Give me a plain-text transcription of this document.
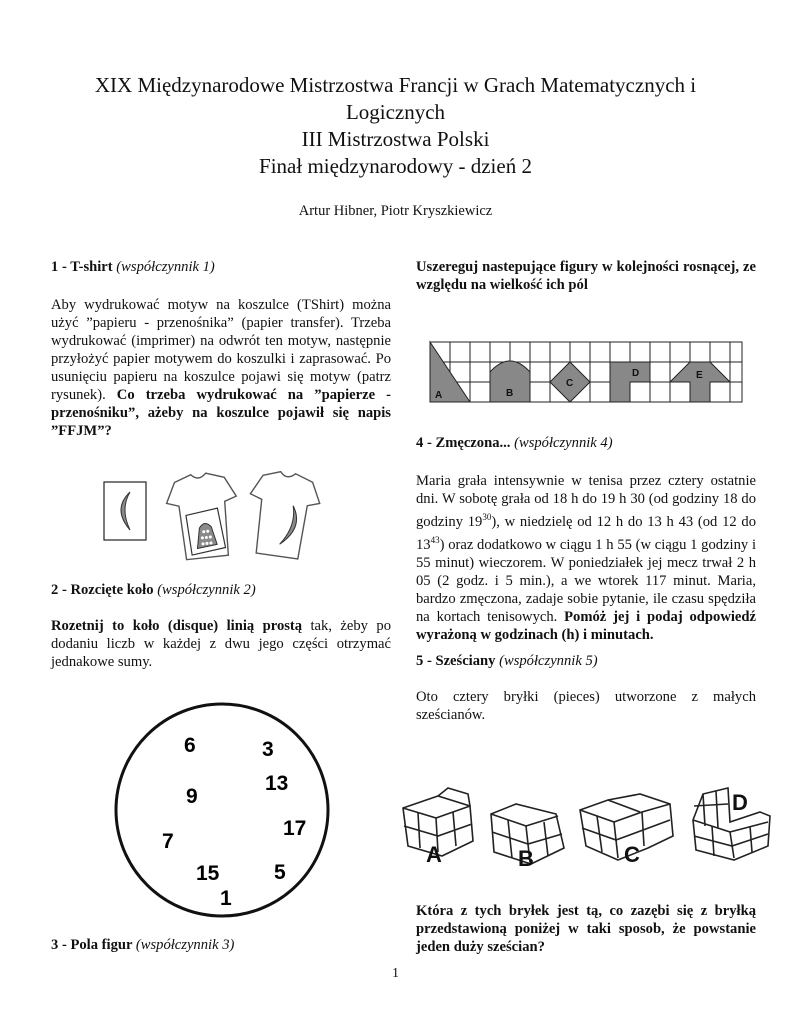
XIX Międzynarodowe Mistrzostwa Francji w Grach Matematycznych i
Logicznych
III Mistrzostwa Polski
Finał międzynarodowy - dzień 2
Artur Hibner, Piotr Kryszkiewicz
1 - T-shirt (współczynnik 1)

Aby wydrukować motyw na koszulce (TShirt) można użyć ”papieru - przenośnika” (papier transfer). Trzeba wydrukować (imprimer) na odwrót ten motyw, następnie przyłożyć papier motywem do koszulki i zaprasować. Po usunięciu papieru na koszulce pojawi się motyw (patrz rysunek). Co trzeba wydrukować na ”papierze - przenośniku”, ażeby na koszulce pojawił się napis ”FFJM”?

2 - Rozcięte koło (współczynnik 2)

Rozetnij to koło (disque) linią prostą tak, żeby po dodaniu liczb w każdej z dwu jego części otrzymać jednakowe sumy.

6	3
13
9
17
7
15	5
1
3 - Pola figur (współczynnik 3)

Uszereguj nastepujące figury w kolejności rosnącej, ze względu na wielkość ich pól

A	B
C
D	E
4 - Zmęczona... (współczynnik 4)

Maria grała intensywnie w tenisa przez cztery ostatnie dni. W sobotę grała od 18 h do 19 h 30 (od godziny 18 do godziny $19^{30}$), w niedzielę od 12 h do 13 h 43 (od 12 do $13^{43}$) oraz dodatkowo w ciągu 1 h 55 (w ciągu 1 godziny i 55 minut) wieczorem. W poniedziałek jej mecz trwał 2 h 05 (2 godz. i 5 min.), a we wtorek 117 minut. Maria, bardzo zmęczona, zadaje sobie pytanie, ile czasu spędziła na kortach tenisowych. Pomóż jej i podaj odpowiedź wyrażoną w godzinach (h) i minutach.

5 - Sześciany (współczynnik 5)

Oto cztery bryłki (pieces) utworzone z małych sześcianów.

A	B	C
D

Która z tych bryłek jest tą, co zazębi się z bryłką przedstawioną poniżej w taki sposob, że powstanie jeden duży sześcian?

1
